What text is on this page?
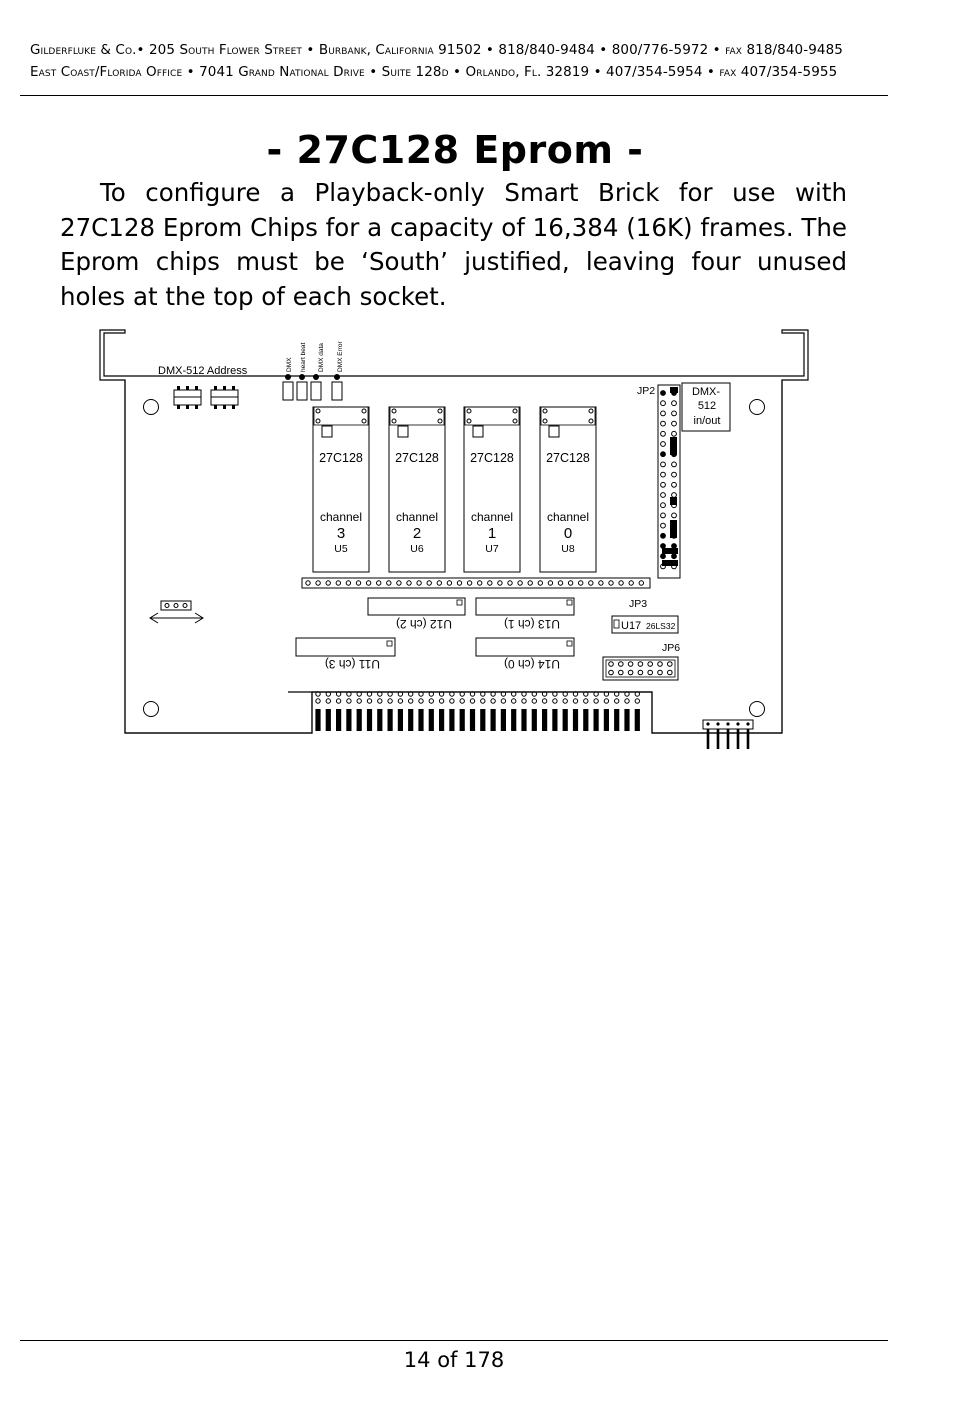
Gilderfluke & Co.• 205 South Flower Street • Burbank, California 91502 • 818/840-9484 • 800/776-5972 • fax 818/840-9485
East Coast/Florida Office • 7041 Grand National Drive • Suite 128d • Orlando, Fl. 32819 • 407/354-5954 • fax 407/354-5955
- 27C128 Eprom -
To configure a Playback-only Smart Brick for use with 27C128 Eprom Chips for a capacity of 16,384 (16K) frames. The Eprom chips must be ‘South’ justified, leaving four unused holes at the top of each socket.
DMX-512 Address	DMX heart beat DMX data DMX Error
27C128
channel
3
U5
27C128
channel
2
U6
27C128
channel
1
U7
27C128
channel
0
U8
JP2	DMX-
512
in/out
U12 (ch 2)	U13 (ch 1)
U11 (ch 3)	U14 (ch 0)
JP3
U17 26LS32
JP6
14 of 178
